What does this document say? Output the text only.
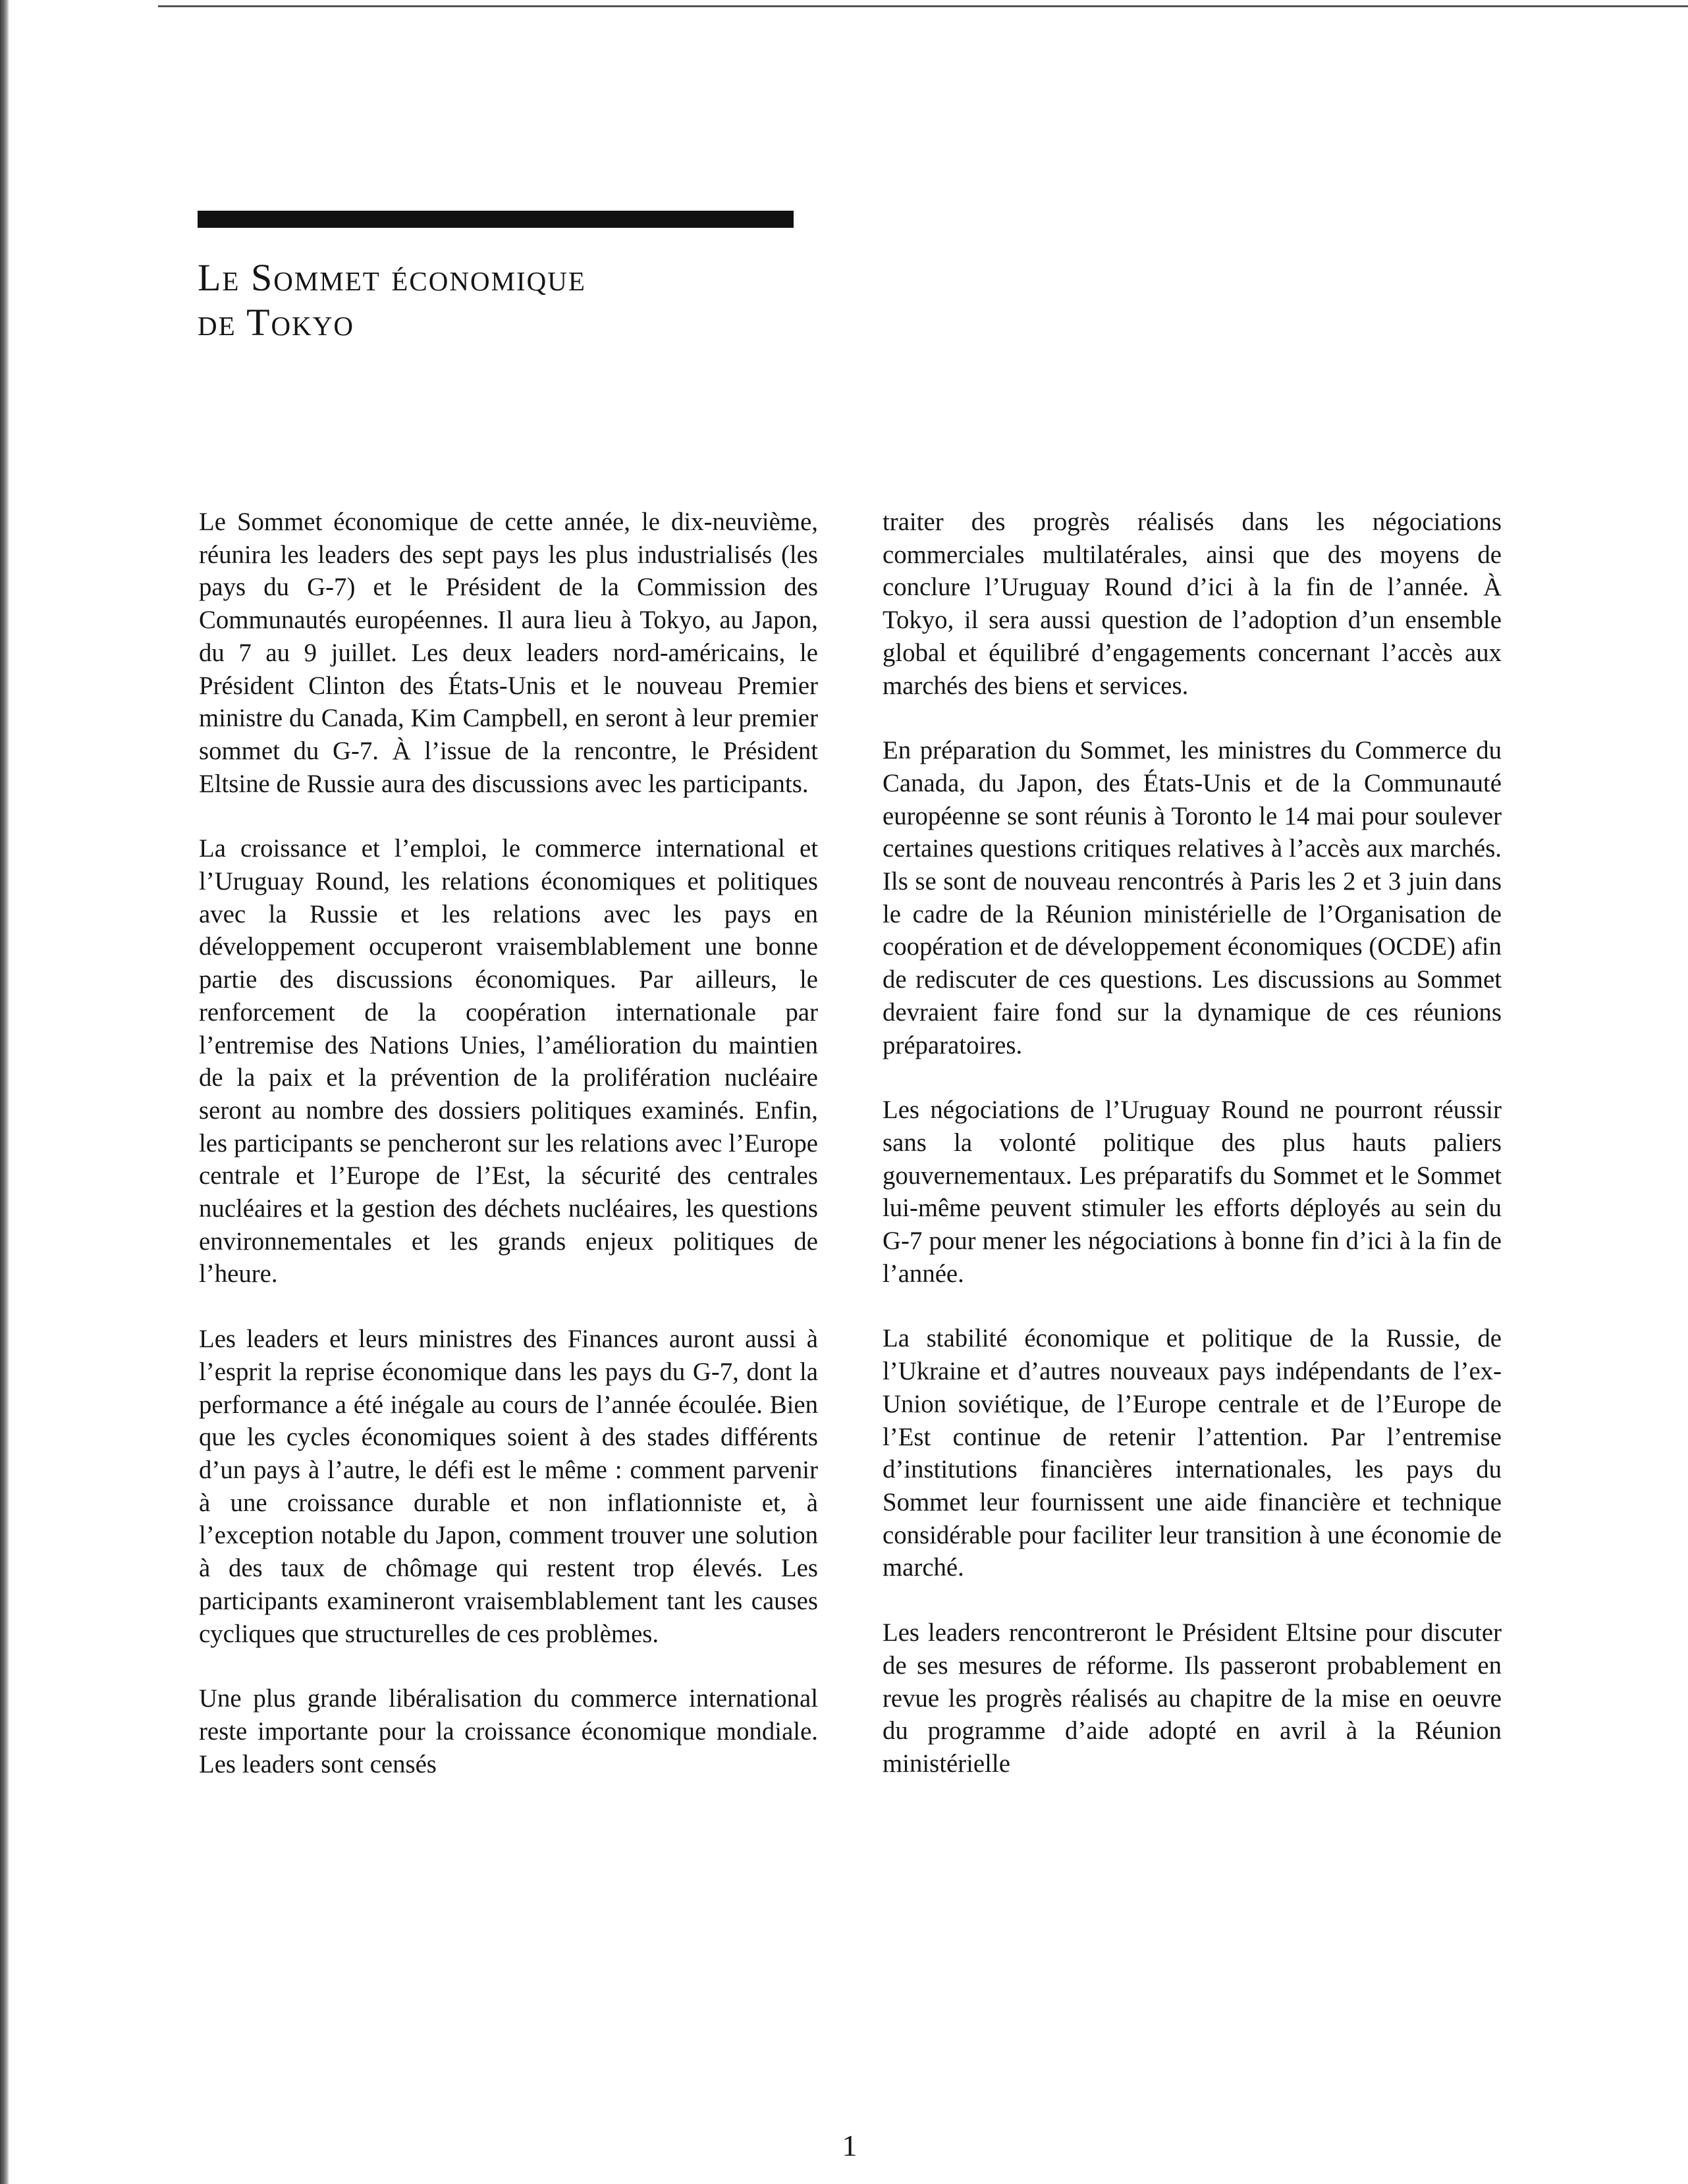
Le Sommet économique
de Tokyo

Le Sommet économique de cette année, le dix-neuvième, réunira les leaders des sept pays les plus industrialisés (les pays du G-7) et le Président de la Commission des Communautés européennes. Il aura lieu à Tokyo, au Japon, du 7 au 9 juillet. Les deux leaders nord-américains, le Président Clinton des États-Unis et le nouveau Premier ministre du Canada, Kim Campbell, en seront à leur premier sommet du G-7. À l’issue de la rencontre, le Président Eltsine de Russie aura des discussions avec les participants.

La croissance et l’emploi, le commerce international et l’Uruguay Round, les relations économiques et politiques avec la Russie et les relations avec les pays en développement occuperont vraisemblablement une bonne partie des discussions économiques. Par ailleurs, le renforcement de la coopération internationale par l’entremise des Nations Unies, l’amélioration du maintien de la paix et la prévention de la prolifération nucléaire seront au nombre des dossiers politiques examinés. Enfin, les participants se pencheront sur les relations avec l’Europe centrale et l’Europe de l’Est, la sécurité des centrales nucléaires et la gestion des déchets nucléaires, les questions environnementales et les grands enjeux politiques de l’heure.

Les leaders et leurs ministres des Finances auront aussi à l’esprit la reprise économique dans les pays du G-7, dont la performance a été inégale au cours de l’année écoulée. Bien que les cycles économiques soient à des stades différents d’un pays à l’autre, le défi est le même : comment parvenir à une croissance durable et non inflationniste et, à l’exception notable du Japon, comment trouver une solution à des taux de chômage qui restent trop élevés. Les participants examineront vraisemblablement tant les causes cycliques que structurelles de ces problèmes.

Une plus grande libéralisation du commerce international reste importante pour la croissance économique mondiale. Les leaders sont censés

traiter des progrès réalisés dans les négociations commerciales multilatérales, ainsi que des moyens de conclure l’Uruguay Round d’ici à la fin de l’année. À Tokyo, il sera aussi question de l’adoption d’un ensemble global et équilibré d’engagements concernant l’accès aux marchés des biens et services.

En préparation du Sommet, les ministres du Commerce du Canada, du Japon, des États-Unis et de la Communauté européenne se sont réunis à Toronto le 14 mai pour soulever certaines questions critiques relatives à l’accès aux marchés. Ils se sont de nouveau rencontrés à Paris les 2 et 3 juin dans le cadre de la Réunion ministérielle de l’Organisation de coopération et de développement économiques (OCDE) afin de rediscuter de ces questions. Les discussions au Sommet devraient faire fond sur la dynamique de ces réunions préparatoires.

Les négociations de l’Uruguay Round ne pourront réussir sans la volonté politique des plus hauts paliers gouvernementaux. Les préparatifs du Sommet et le Sommet lui-même peuvent stimuler les efforts déployés au sein du G-7 pour mener les négociations à bonne fin d’ici à la fin de l’année.

La stabilité économique et politique de la Russie, de l’Ukraine et d’autres nouveaux pays indépendants de l’ex-Union soviétique, de l’Europe centrale et de l’Europe de l’Est continue de retenir l’attention. Par l’entremise d’institutions financières internationales, les pays du Sommet leur fournissent une aide financière et technique considérable pour faciliter leur transition à une économie de marché.

Les leaders rencontreront le Président Eltsine pour discuter de ses mesures de réforme. Ils passeront probablement en revue les progrès réalisés au chapitre de la mise en oeuvre du programme d’aide adopté en avril à la Réunion ministérielle

1
